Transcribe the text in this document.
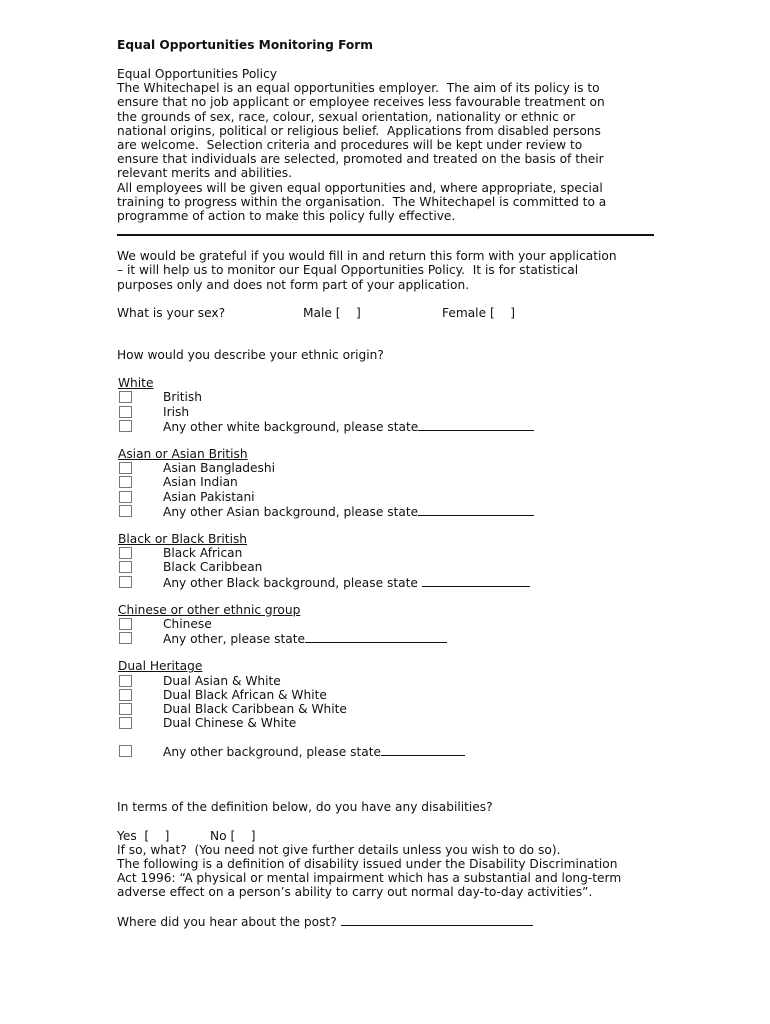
Equal Opportunities Monitoring Form
Equal Opportunities Policy
The Whitechapel is an equal opportunities employer.  The aim of its policy is to
ensure that no job applicant or employee receives less favourable treatment on
the grounds of sex, race, colour, sexual orientation, nationality or ethnic or
national origins, political or religious belief.  Applications from disabled persons
are welcome.  Selection criteria and procedures will be kept under review to
ensure that individuals are selected, promoted and treated on the basis of their
relevant merits and abilities.
All employees will be given equal opportunities and, where appropriate, special
training to progress within the organisation.  The Whitechapel is committed to a
programme of action to make this policy fully effective.
We would be grateful if you would fill in and return this form with your application
– it will help us to monitor our Equal Opportunities Policy.  It is for statistical
purposes only and does not form part of your application.
What is your sex?	Male [    ]	Female [    ]
How would you describe your ethnic origin?
White
British
Irish
Any other white background, please state
Asian or Asian British
Asian Bangladeshi
Asian Indian
Asian Pakistani
Any other Asian background, please state
Black or Black British
Black African
Black Caribbean
Any other Black background, please state
Chinese or other ethnic group
Chinese
Any other, please state
Dual Heritage
Dual Asian & White
Dual Black African & White
Dual Black Caribbean & White
Dual Chinese & White
Any other background, please state
In terms of the definition below, do you have any disabilities?
Yes  [    ]	No [    ]
If so, what?  (You need not give further details unless you wish to do so).
The following is a definition of disability issued under the Disability Discrimination
Act 1996: “A physical or mental impairment which has a substantial and long-term
adverse effect on a person’s ability to carry out normal day-to-day activities”.
Where did you hear about the post?
